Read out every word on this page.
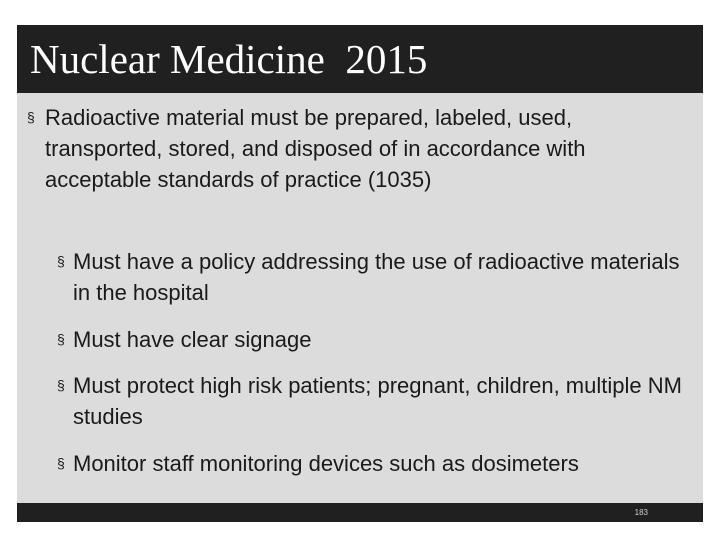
Nuclear Medicine  2015
§ Radioactive material must be prepared, labeled, used, transported, stored, and disposed of in accordance with acceptable standards of practice (1035)
§ Must have a policy addressing the use of radioactive materials in the hospital
§ Must have clear signage
§ Must protect high risk patients; pregnant, children, multiple NM studies
§ Monitor staff monitoring devices such as dosimeters
183
